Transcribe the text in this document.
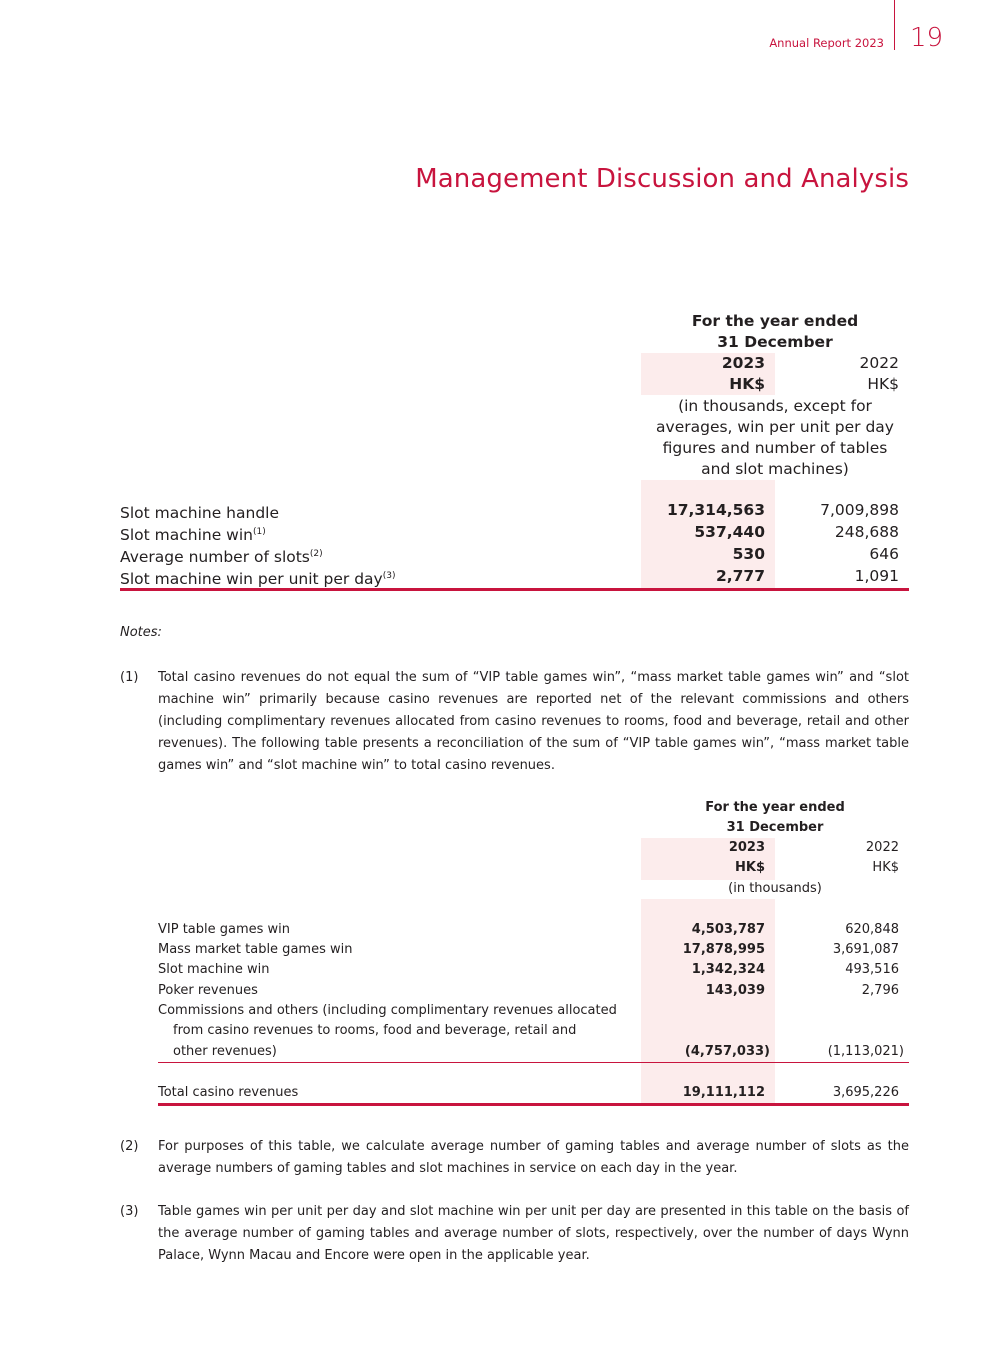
Annual Report 2023 19
Management Discussion and Analysis
For the year ended
31 December
2023	2022
HK$	HK$
(in thousands, except for
averages, win per unit per day
figures and number of tables
and slot machines)
Slot machine handle	17,314,563	7,009,898
Slot machine win$^{(1)}$	537,440	248,688
Average number of slots$^{(2)}$	530	646
Slot machine win per unit per day$^{(3)}$	2,777	1,091
Notes:
(1) Total casino revenues do not equal the sum of “VIP table games win”, “mass market table games win” and “slot machine win” primarily because casino revenues are reported net of the relevant commissions and others (including complimentary revenues allocated from casino revenues to rooms, food and beverage, retail and other revenues). The following table presents a reconciliation of the sum of “VIP table games win”, “mass market table games win” and “slot machine win” to total casino revenues.
For the year ended
31 December
2023	2022
HK$	HK$
(in thousands)
VIP table games win	4,503,787	620,848
Mass market table games win	17,878,995	3,691,087
Slot machine win	1,342,324	493,516
Poker revenues	143,039	2,796
Commissions and others (including complimentary revenues allocated
from casino revenues to rooms, food and beverage, retail and
other revenues)	(4,757,033)	(1,113,021)
Total casino revenues	19,111,112	3,695,226
(2) For purposes of this table, we calculate average number of gaming tables and average number of slots as the average numbers of gaming tables and slot machines in service on each day in the year.
(3) Table games win per unit per day and slot machine win per unit per day are presented in this table on the basis of the average number of gaming tables and average number of slots, respectively, over the number of days Wynn Palace, Wynn Macau and Encore were open in the applicable year.
